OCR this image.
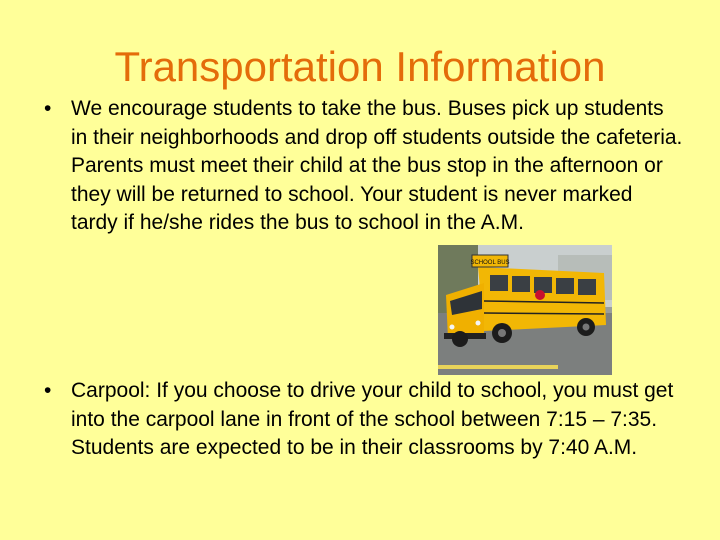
Transportation Information
• We encourage students to take the bus. Buses pick up students in their neighborhoods and drop off students outside the cafeteria. Parents must meet their child at the bus stop in the afternoon or they will be returned to school. Your student is never marked tardy if he/she rides the bus to school in the A.M.
SCHOOL BUS
• Carpool: If you choose to drive your child to school, you must get into the carpool lane in front of the school between 7:15 – 7:35. Students are expected to be in their classrooms by 7:40 A.M.
